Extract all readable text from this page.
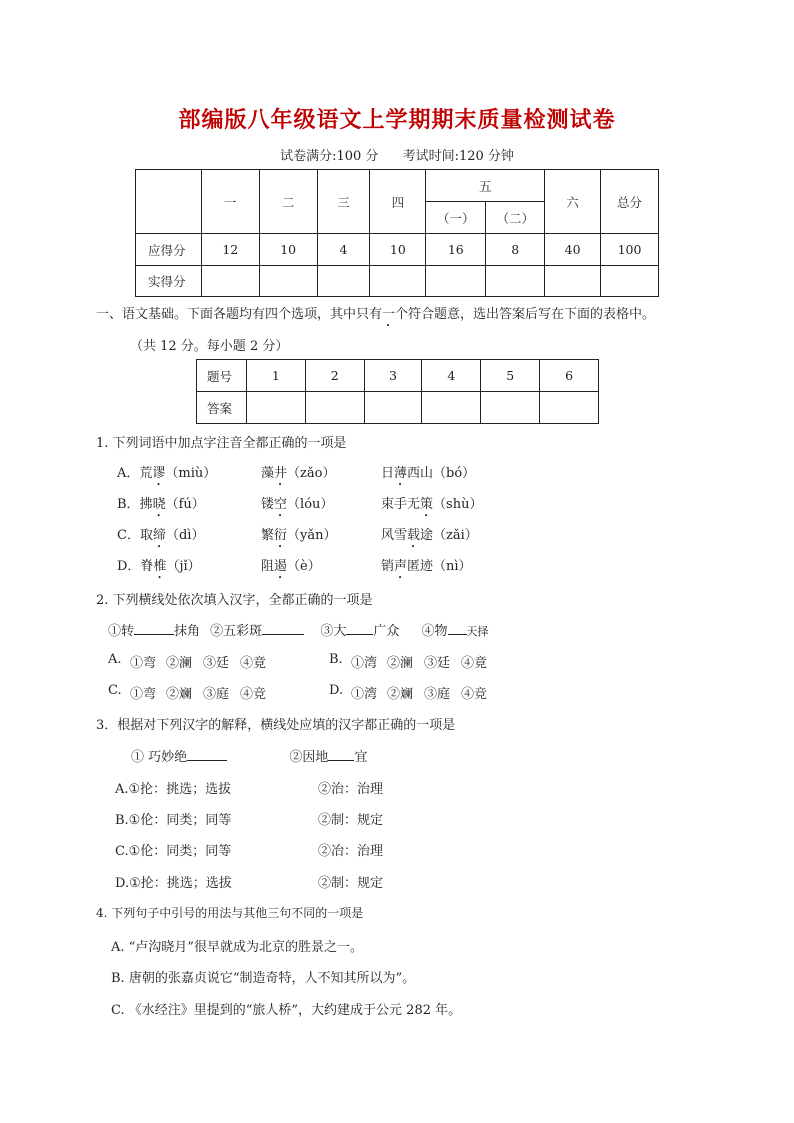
部编版八年级语文上学期期末质量检测试卷
试卷满分:100 分 考试时间:120 分钟
	一	二	三	四	五		六	总分
					（一）	（二）		
应得分	12	10	4	10	16	8	40	100
实得分								
一、语文基础。下面各题均有四个选项，其中只有一个符合题意，选出答案后写在下面的表格中。
（共 12 分。每小题 2 分）
题号	1	2	3	4	5	6
答案						
1. 下列词语中加点字注音全都正确的一项是
A．荒谬（miù）	藻井（zǎo）	日薄西山（bó）
B．拂晓（fú）	镂空（lóu）	束手无策（shù）
C．取缔（dì）	繁衍（yǎn）	风雪载途（zǎi）
D．脊椎（jǐ）	阻遏（è）	销声匿迹（nì）
2. 下列横线处依次填入汉字，全都正确的一项是
①转	抹角 ②五彩斑	③大 广众 ④物 天择
A. ①弯 ②澜 ③廷 ④竟	B. ①湾 ②澜 ③廷 ④竟
C. ①弯 ②斓 ③庭 ④竞	D. ①湾 ②斓 ③庭 ④竞
3．根据对下列汉字的解释，横线处应填的汉字都正确的一项是
① 巧妙绝	②因地 宜
A.①抡：挑选；选拔	②治：治理
B.①伦：同类；同等	②制：规定
C.①伦：同类；同等	②冶：治理
D.①抡：挑选；选拔	②制：规定
4. 下列句子中引号的用法与其他三句不同的一项是
A. “卢沟晓月”很早就成为北京的胜景之一。
B. 唐朝的张嘉贞说它“制造奇特，人不知其所以为”。
C. 《水经注》里提到的“旅人桥”，大约建成于公元 282 年。
